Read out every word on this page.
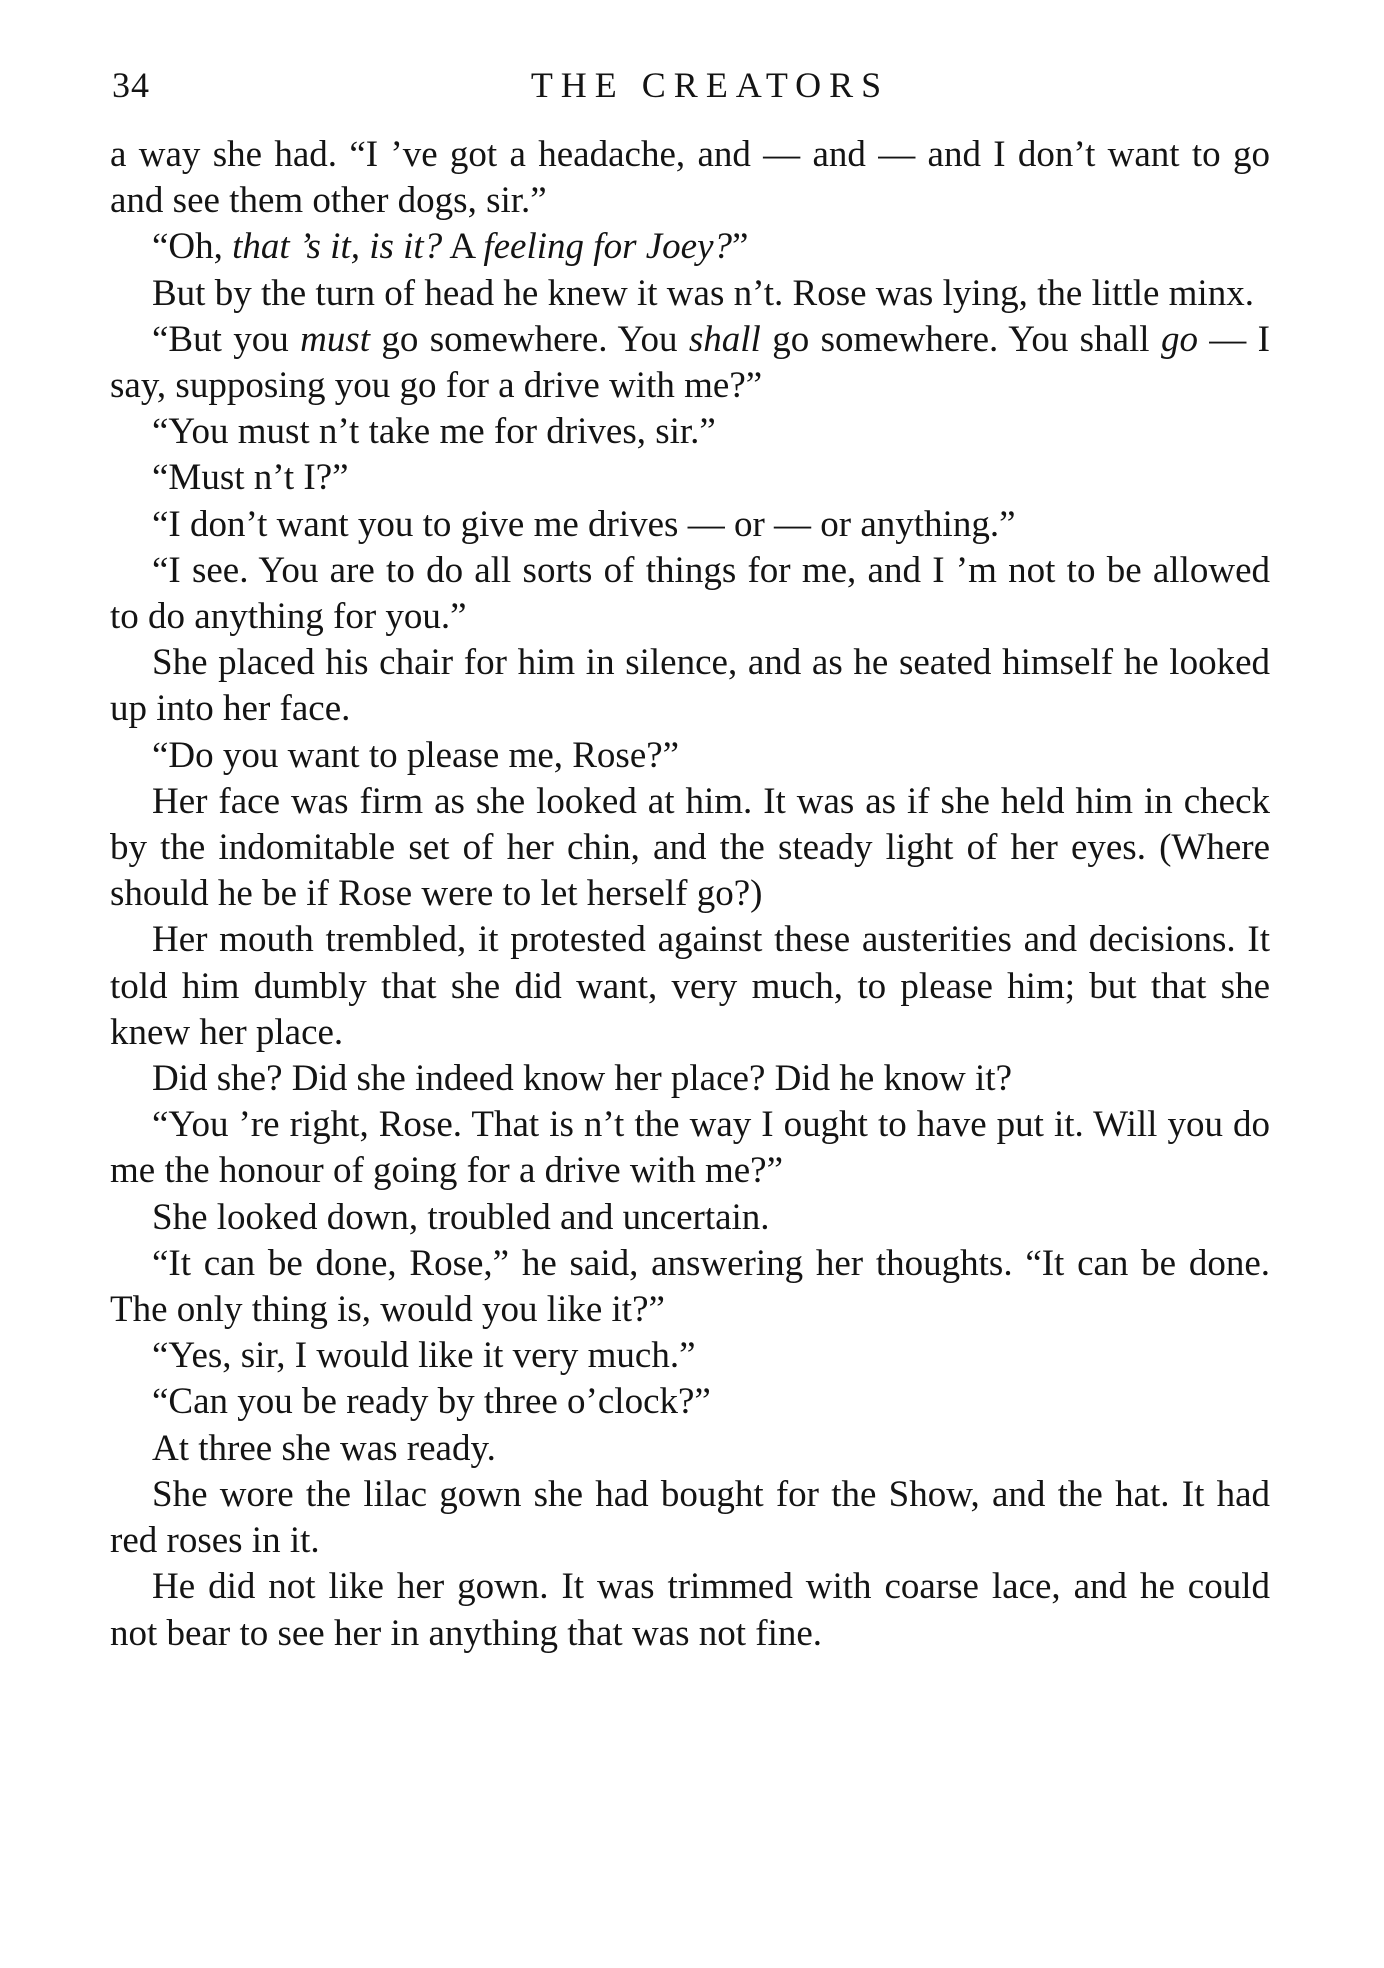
34	THE CREATORS

a way she had. “I ’ve got a headache, and — and — and I don’t want to go and see them other dogs, sir.”

“Oh, that ’s it, is it? A feeling for Joey?”

But by the turn of head he knew it was n’t. Rose was lying, the little minx.

“But you must go somewhere. You shall go somewhere. You shall go — I say, supposing you go for a drive with me?”

“You must n’t take me for drives, sir.”

“Must n’t I?”

“I don’t want you to give me drives — or — or anything.”

“I see. You are to do all sorts of things for me, and I ’m not to be allowed to do anything for you.”

She placed his chair for him in silence, and as he seated himself he looked up into her face.

“Do you want to please me, Rose?”

Her face was firm as she looked at him. It was as if she held him in check by the indomitable set of her chin, and the steady light of her eyes. (Where should he be if Rose were to let herself go?)

Her mouth trembled, it protested against these austerities and decisions. It told him dumbly that she did want, very much, to please him; but that she knew her place.

Did she? Did she indeed know her place? Did he know it?

“You ’re right, Rose. That is n’t the way I ought to have put it. Will you do me the honour of going for a drive with me?”

She looked down, troubled and uncertain.

“It can be done, Rose,” he said, answering her thoughts. “It can be done. The only thing is, would you like it?”

“Yes, sir, I would like it very much.”

“Can you be ready by three o’clock?”

At three she was ready.

She wore the lilac gown she had bought for the Show, and the hat. It had red roses in it.

He did not like her gown. It was trimmed with coarse lace, and he could not bear to see her in anything that was not fine.
